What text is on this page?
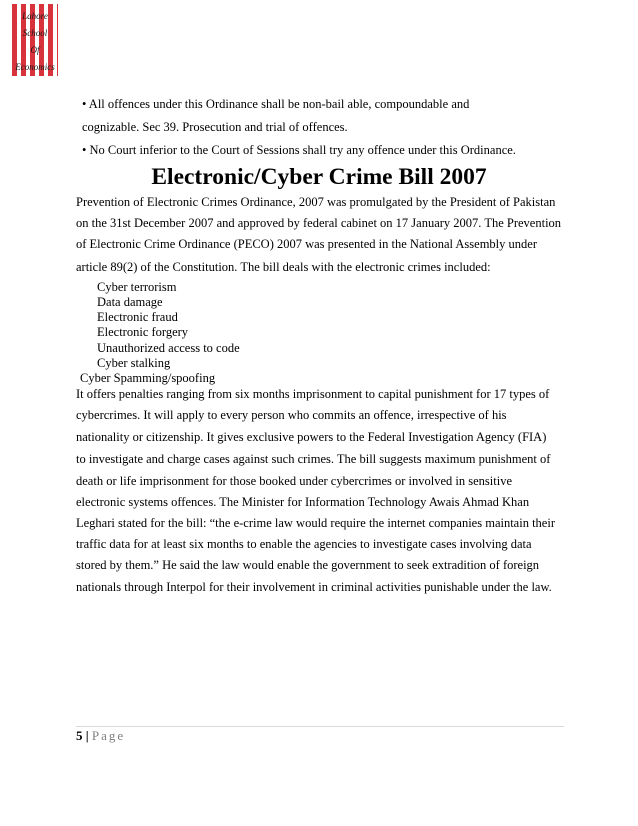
Lahore
School
Of
Economics
• All offences under this Ordinance shall be non-bail able, compoundable and
cognizable. Sec 39. Prosecution and trial of offences.
• No Court inferior to the Court of Sessions shall try any offence under this Ordinance.
Electronic/Cyber Crime Bill 2007
Prevention of Electronic Crimes Ordinance, 2007 was promulgated by the President of Pakistan
on the 31st December 2007 and approved by federal cabinet on 17 January 2007. The Prevention
of Electronic Crime Ordinance (PECO) 2007 was presented in the National Assembly under
article 89(2) of the Constitution. The bill deals with the electronic crimes included:
Cyber terrorism
Data damage
Electronic fraud
Electronic forgery
Unauthorized access to code
Cyber stalking
Cyber Spamming/spoofing
It offers penalties ranging from six months imprisonment to capital punishment for 17 types of
cybercrimes. It will apply to every person who commits an offence, irrespective of his
nationality or citizenship. It gives exclusive powers to the Federal Investigation Agency (FIA)
to investigate and charge cases against such crimes. The bill suggests maximum punishment of
death or life imprisonment for those booked under cybercrimes or involved in sensitive
electronic systems offences. The Minister for Information Technology Awais Ahmad Khan
Leghari stated for the bill: “the e-crime law would require the internet companies maintain their
traffic data for at least six months to enable the agencies to investigate cases involving data
stored by them.” He said the law would enable the government to seek extradition of foreign
nationals through Interpol for their involvement in criminal activities punishable under the law.
5 | Page
